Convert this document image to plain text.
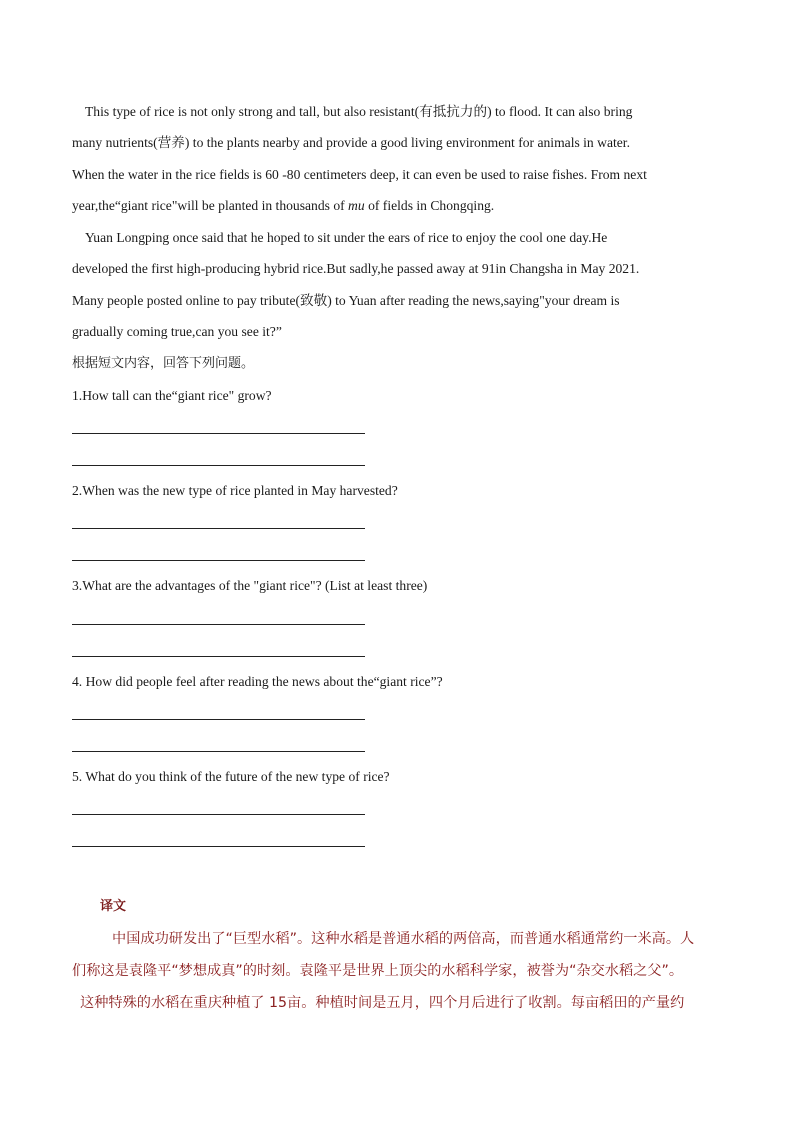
This type of rice is not only strong and tall, but also resistant(有抵抗力的) to flood. It can also bring
many nutrients(营养) to the plants nearby and provide a good living environment for animals in water.
When the water in the rice fields is 60 -80 centimeters deep, it can even be used to raise fishes. From next
year,the“giant rice"will be planted in thousands of mu of fields in Chongqing.
Yuan Longping once said that he hoped to sit under the ears of rice to enjoy the cool one day.He
developed the first high-producing hybrid rice.But sadly,he passed away at 91in Changsha in May 2021.
Many people posted online to pay tribute(致敬) to Yuan after reading the news,saying"your dream is
gradually coming true,can you see it?”
根据短文内容，回答下列问题。
1.How tall can the“giant rice" grow?
2.When was the new type of rice planted in May harvested?
3.What are the advantages of the "giant rice"? (List at least three)
4. How did people feel after reading the news about the“giant rice”?
5. What do you think of the future of the new type of rice?
译文
中国成功研发出了“巨型水稻”。这种水稻是普通水稻的两倍高，而普通水稻通常约一米高。人
们称这是袁隆平“梦想成真”的时刻。袁隆平是世界上顶尖的水稻科学家，被誉为“杂交水稻之父”。
这种特殊的水稻在重庆种植了 15亩。种植时间是五月，四个月后进行了收割。每亩稻田的产量约
